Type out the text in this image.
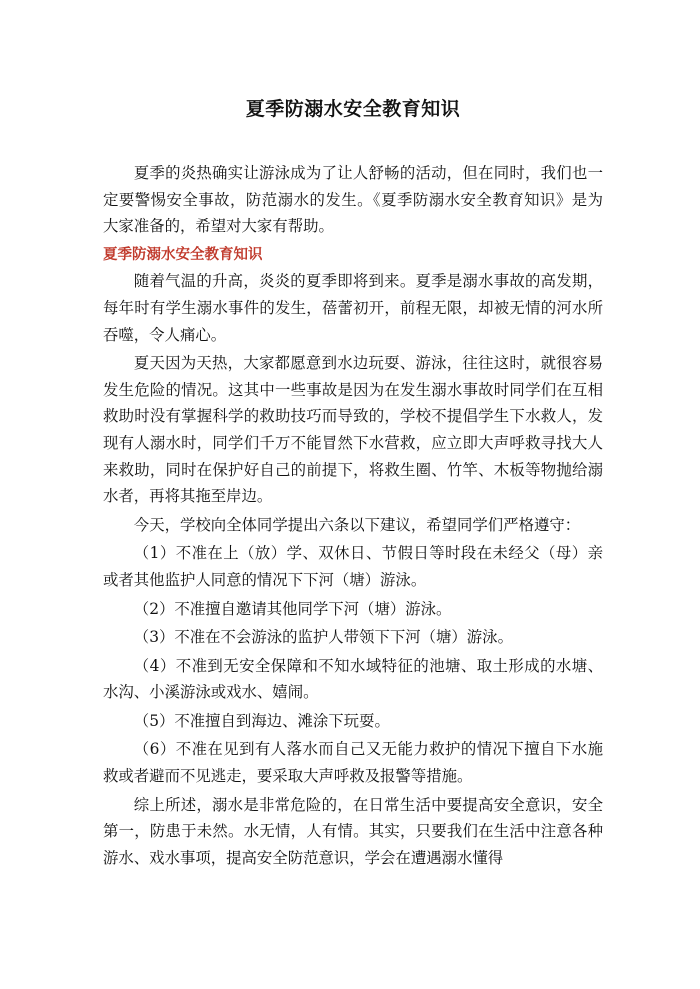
夏季防溺水安全教育知识

夏季的炎热确实让游泳成为了让人舒畅的活动，但在同时，我们也一定要警惕安全事故，防范溺水的发生。《夏季防溺水安全教育知识》是为大家准备的，希望对大家有帮助。

夏季防溺水安全教育知识

随着气温的升高，炎炎的夏季即将到来。夏季是溺水事故的高发期，每年时有学生溺水事件的发生，蓓蕾初开，前程无限，却被无情的河水所吞噬，令人痛心。

夏天因为天热，大家都愿意到水边玩耍、游泳，往往这时，就很容易发生危险的情况。这其中一些事故是因为在发生溺水事故时同学们在互相救助时没有掌握科学的救助技巧而导致的，学校不提倡学生下水救人，发现有人溺水时，同学们千万不能冒然下水营救，应立即大声呼救寻找大人来救助，同时在保护好自己的前提下，将救生圈、竹竿、木板等物抛给溺水者，再将其拖至岸边。

今天，学校向全体同学提出六条以下建议，希望同学们严格遵守：

（1）不准在上（放）学、双休日、节假日等时段在未经父（母）亲或者其他监护人同意的情况下下河（塘）游泳。

（2）不准擅自邀请其他同学下河（塘）游泳。

（3）不准在不会游泳的监护人带领下下河（塘）游泳。

（4）不准到无安全保障和不知水域特征的池塘、取土形成的水塘、水沟、小溪游泳或戏水、嬉闹。

（5）不准擅自到海边、滩涂下玩耍。

（6）不准在见到有人落水而自己又无能力救护的情况下擅自下水施救或者避而不见逃走，要采取大声呼救及报警等措施。

综上所述，溺水是非常危险的，在日常生活中要提高安全意识，安全第一，防患于未然。水无情，人有情。其实，只要我们在生活中注意各种游水、戏水事项，提高安全防范意识，学会在遭遇溺水懂得
